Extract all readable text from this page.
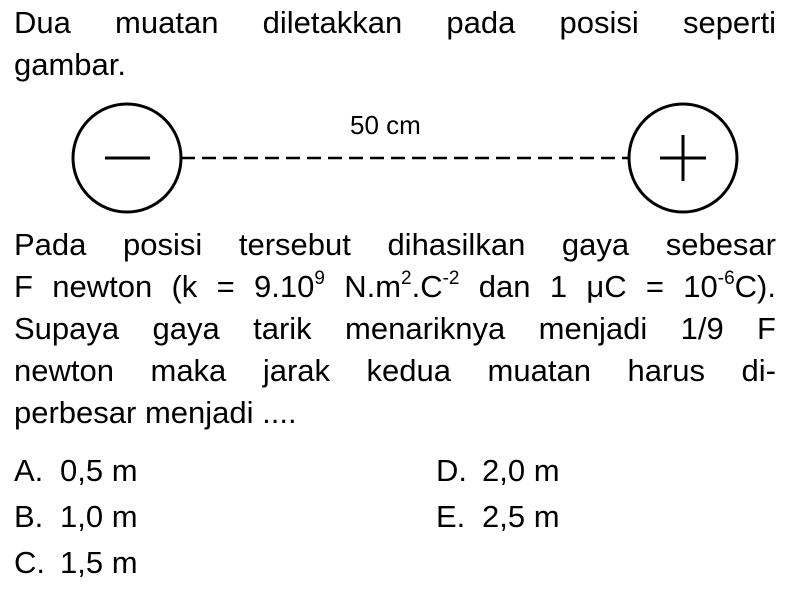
Dua muatan diletakkan pada posisi seperti
gambar.
50 cm
Pada posisi tersebut dihasilkan gaya sebesar
F newton ($k = 9.10^9$ $N.m^2.C^{-2}$ dan 1 $\mu C = 10^{-6}C$).
Supaya gaya tarik menariknya menjadi 1/9 F
newton maka jarak kedua muatan harus di-
perbesar menjadi ....
A. 0,5 m
B. 1,0 m
C. 1,5 m
D. 2,0 m
E. 2,5 m
